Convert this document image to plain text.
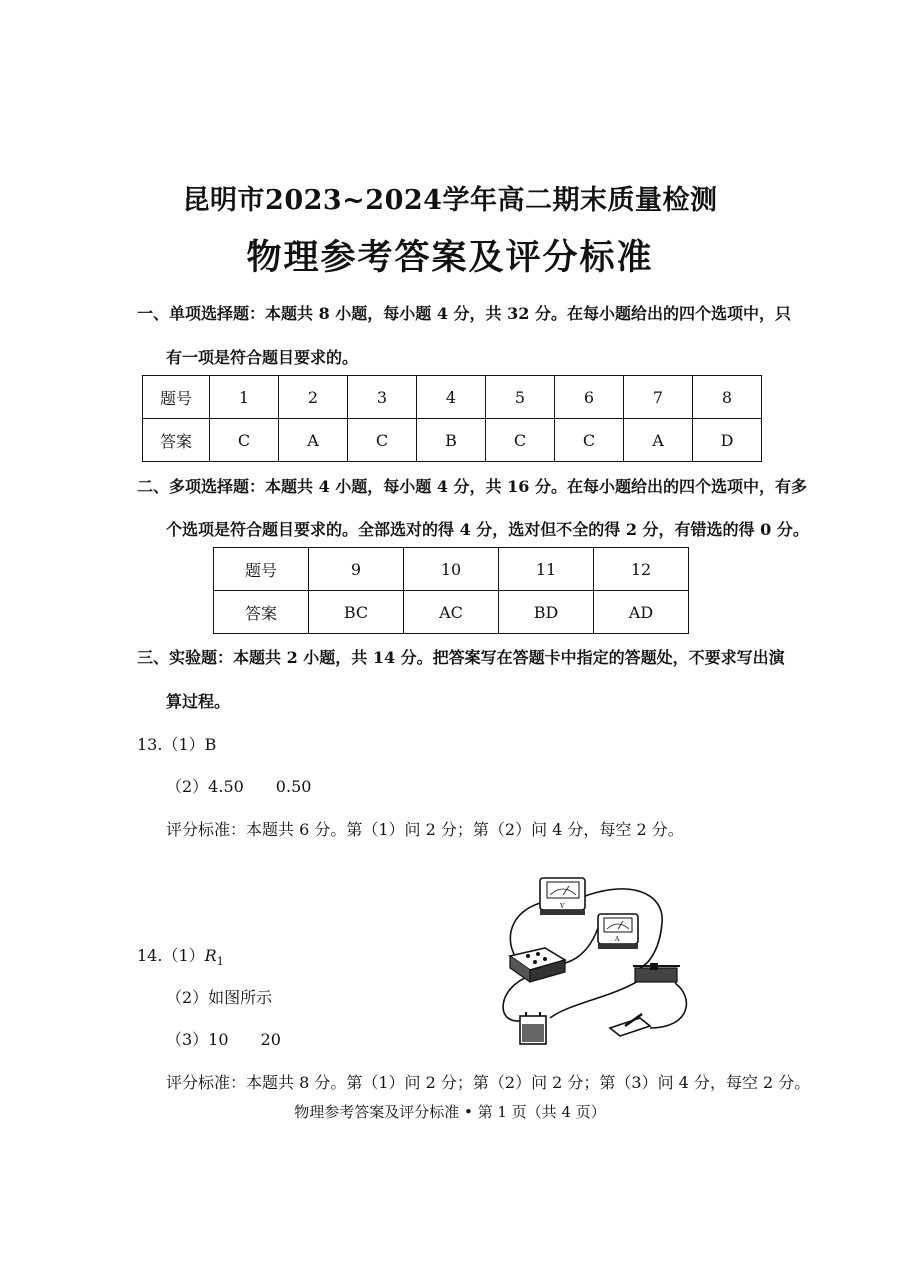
昆明市2023~2024学年高二期末质量检测
物理参考答案及评分标准
一、单项选择题：本题共 8 小题，每小题 4 分，共 32 分。在每小题给出的四个选项中，只
有一项是符合题目要求的。
题号	1	2	3	4	5	6	7	8
答案	C	A	C	B	C	C	A	D
二、多项选择题：本题共 4 小题，每小题 4 分，共 16 分。在每小题给出的四个选项中，有多
个选项是符合题目要求的。全部选对的得 4 分，选对但不全的得 2 分，有错选的得 0 分。
题号	9	10	11	12
答案	BC	AC	BD	AD
三、实验题：本题共 2 小题，共 14 分。把答案写在答题卡中指定的答题处，不要求写出演
算过程。
13.（1）B
（2）4.50　　0.50
评分标准：本题共 6 分。第（1）问 2 分；第（2）问 4 分，每空 2 分。
$14.(1)R_1$
（2）如图所示
（3）10　　20
评分标准：本题共 8 分。第（1）问 2 分；第（2）问 2 分；第（3）问 4 分，每空 2 分。
V
A
物理参考答案及评分标准 • 第 1 页（共 4 页）
